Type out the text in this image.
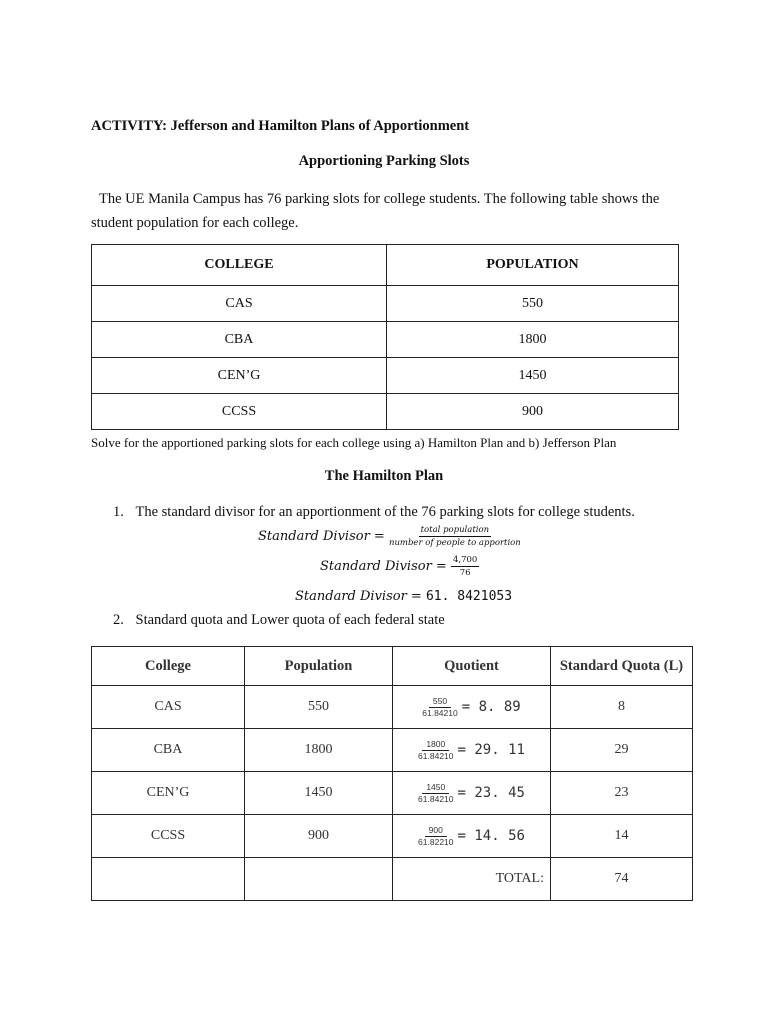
ACTIVITY: Jefferson and Hamilton Plans of Apportionment
Apportioning Parking Slots
The UE Manila Campus has 76 parking slots for college students. The following table shows the student population for each college.
COLLEGE	POPULATION
CAS	550
CBA	1800
CEN’G	1450
CCSS	900
Solve for the apportioned parking slots for each college using a) Hamilton Plan and b) Jefferson Plan
The Hamilton Plan
1. The standard divisor for an apportionment of the 76 parking slots for college students.
Standard Divisor = $\frac{\text{total population}}{\text{number of people to apportion}}$
Standard Divisor = $\frac{4,700}{76}$
Standard Divisor = 61. 8421053
2. Standard quota and Lower quota of each federal state
College	Population	Quotient	Standard Quota (L)
CAS	550	$\frac{550}{61.84210} = 8$. 89	8
CBA	1800	$\frac{1800}{61.84210} = 29$. 11	29
CEN’G	1450	$\frac{1450}{61.84210} = 23$. 45	23
CCSS	900	$\frac{900}{61.82210} = 14$. 56	14
		TOTAL:	74
